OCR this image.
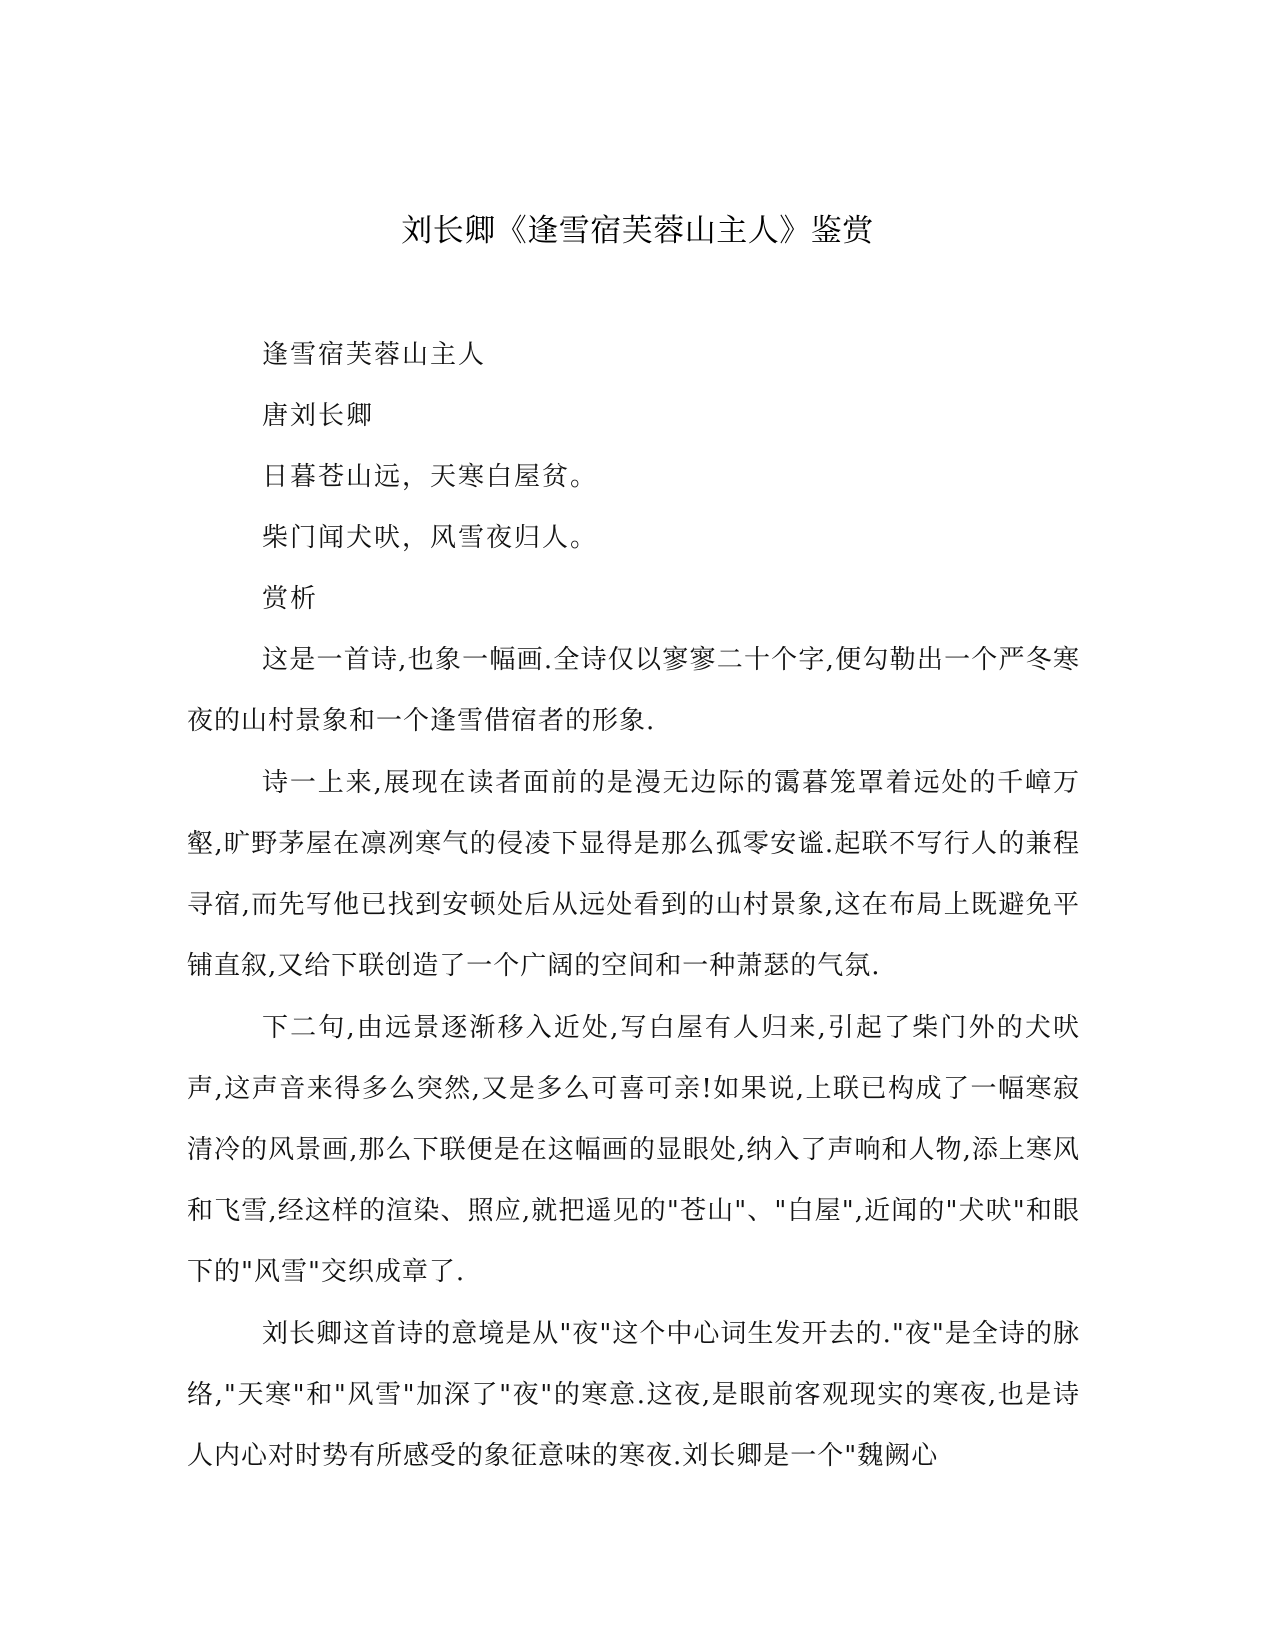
刘长卿《逢雪宿芙蓉山主人》鉴赏
逢雪宿芙蓉山主人
唐刘长卿
日暮苍山远，天寒白屋贫。
柴门闻犬吠，风雪夜归人。
赏析

这是一首诗,也象一幅画.全诗仅以寥寥二十个字,便勾勒出一个严冬寒夜的山村景象和一个逢雪借宿者的形象.

诗一上来,展现在读者面前的是漫无边际的霭暮笼罩着远处的千嶂万壑,旷野茅屋在凛冽寒气的侵凌下显得是那么孤零安谧.起联不写行人的兼程寻宿,而先写他已找到安顿处后从远处看到的山村景象,这在布局上既避免平铺直叙,又给下联创造了一个广阔的空间和一种萧瑟的气氛.

下二句,由远景逐渐移入近处,写白屋有人归来,引起了柴门外的犬吠声,这声音来得多么突然,又是多么可喜可亲!如果说,上联已构成了一幅寒寂清冷的风景画,那么下联便是在这幅画的显眼处,纳入了声响和人物,添上寒风和飞雪,经这样的渲染、照应,就把遥见的"苍山"、"白屋",近闻的"犬吠"和眼下的"风雪"交织成章了.

刘长卿这首诗的意境是从"夜"这个中心词生发开去的."夜"是全诗的脉络,"天寒"和"风雪"加深了"夜"的寒意.这夜,是眼前客观现实的寒夜,也是诗人内心对时势有所感受的象征意味的寒夜.刘长卿是一个"魏阙心
